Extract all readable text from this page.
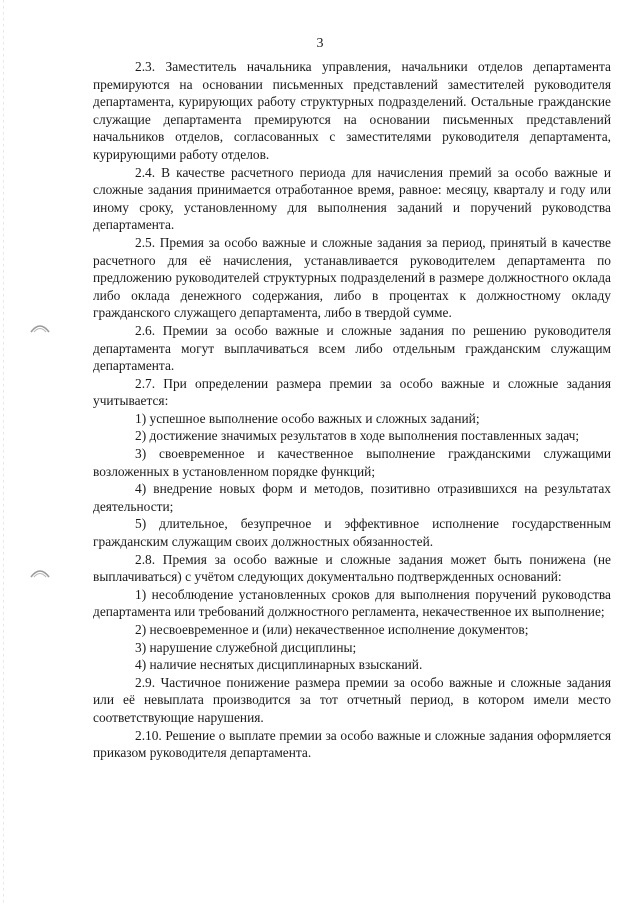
3

2.3. Заместитель начальника управления, начальники отделов департамента премируются на основании письменных представлений заместителей руководителя департамента, курирующих работу структурных подразделений. Остальные гражданские служащие департамента премируются на основании письменных представлений начальников отделов, согласованных с заместителями руководителя департамента, курирующими работу отделов.

2.4. В качестве расчетного периода для начисления премий за особо важные и сложные задания принимается отработанное время, равное: месяцу, кварталу и году или иному сроку, установленному для выполнения заданий и поручений руководства департамента.

2.5. Премия за особо важные и сложные задания за период, принятый в качестве расчетного для её начисления, устанавливается руководителем департамента по предложению руководителей структурных подразделений в размере должностного оклада либо оклада денежного содержания, либо в процентах к должностному окладу гражданского служащего департамента, либо в твердой сумме.

2.6. Премии за особо важные и сложные задания по решению руководителя департамента могут выплачиваться всем либо отдельным гражданским служащим департамента.

2.7. При определении размера премии за особо важные и сложные задания учитывается:

1) успешное выполнение особо важных и сложных заданий;

2) достижение значимых результатов в ходе выполнения поставленных задач;

3) своевременное и качественное выполнение гражданскими служащими возложенных в установленном порядке функций;

4) внедрение новых форм и методов, позитивно отразившихся на результатах деятельности;

5) длительное, безупречное и эффективное исполнение государственным гражданским служащим своих должностных обязанностей.

2.8. Премия за особо важные и сложные задания может быть понижена (не выплачиваться) с учётом следующих документально подтвержденных оснований:

1) несоблюдение установленных сроков для выполнения поручений руководства департамента или требований должностного регламента, некачественное их выполнение;

2) несвоевременное и (или) некачественное исполнение документов;

3) нарушение служебной дисциплины;

4) наличие неснятых дисциплинарных взысканий.

2.9. Частичное понижение размера премии за особо важные и сложные задания или её невыплата производится за тот отчетный период, в котором имели место соответствующие нарушения.

2.10. Решение о выплате премии за особо важные и сложные задания оформляется приказом руководителя департамента.
